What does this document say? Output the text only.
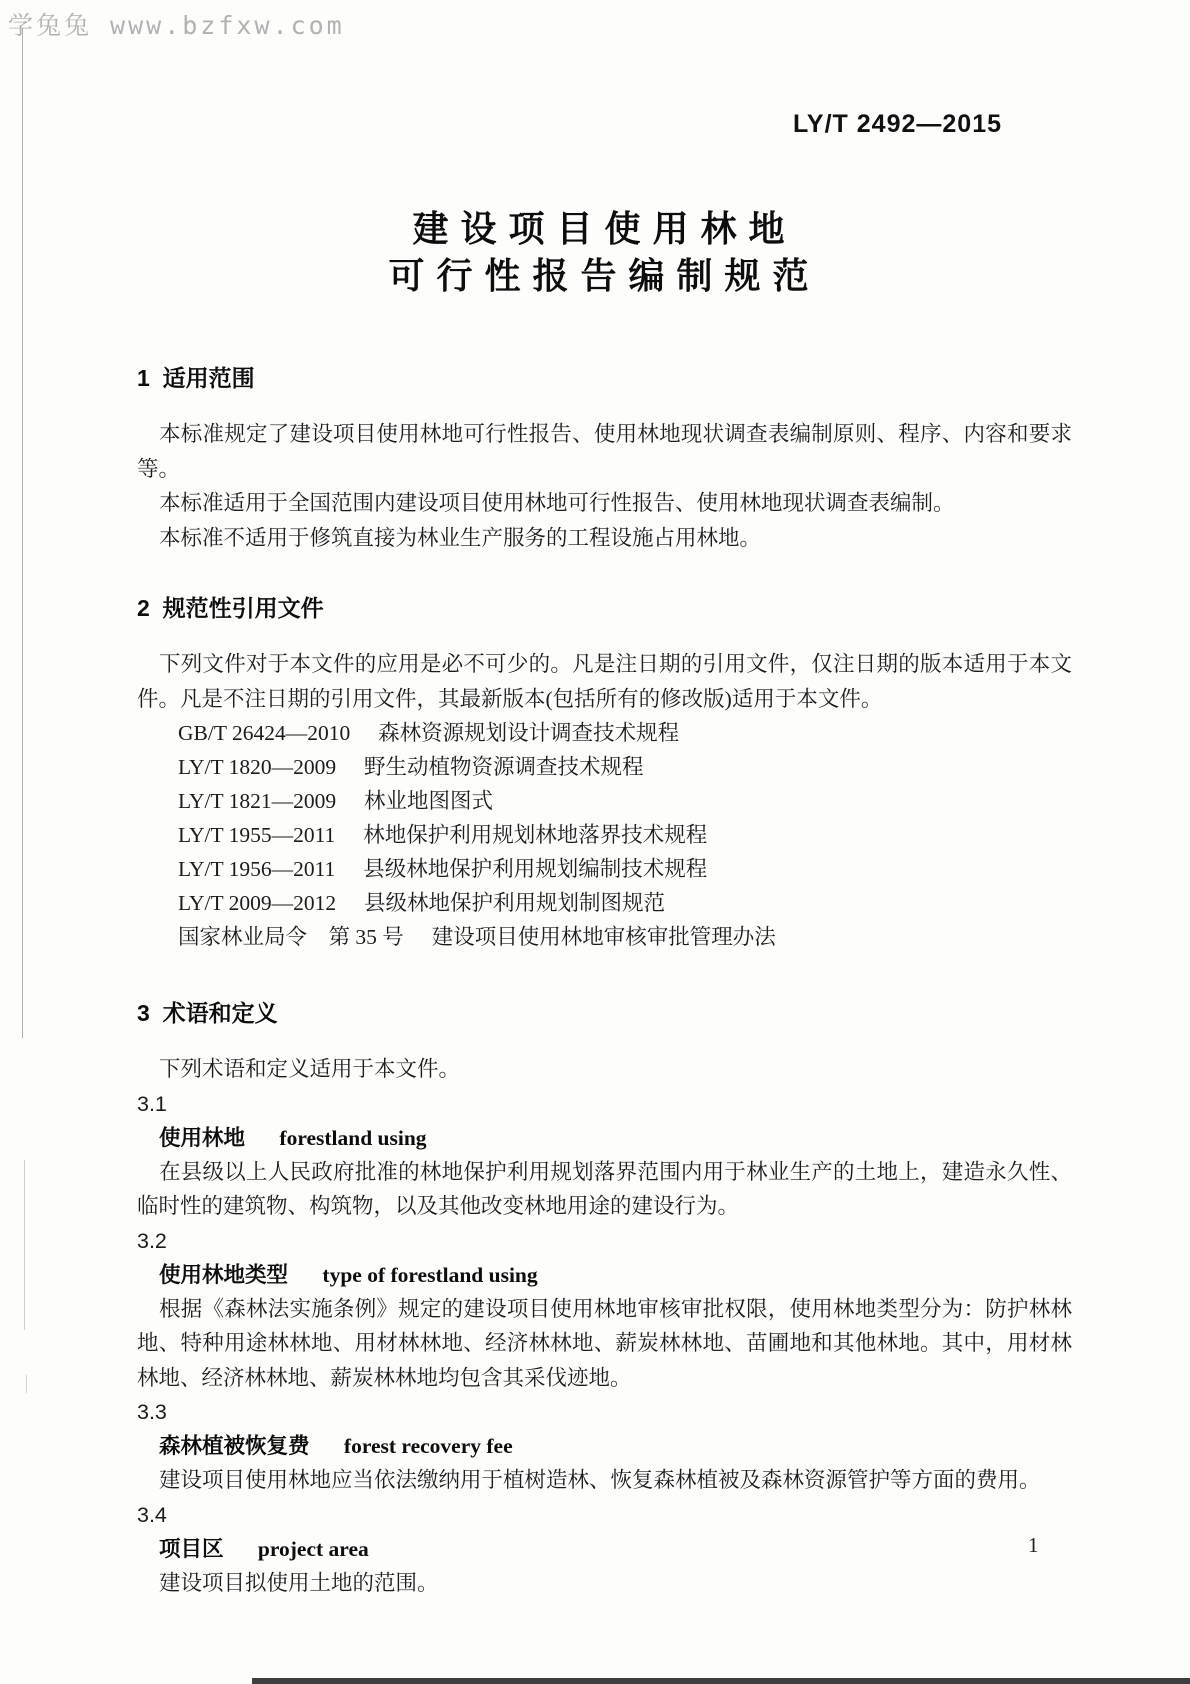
学兔兔 www.bzfxw.com
LY/T 2492—2015
建设项目使用林地
可行性报告编制规范
1  适用范围

本标准规定了建设项目使用林地可行性报告、使用林地现状调查表编制原则、程序、内容和要求等。

本标准适用于全国范围内建设项目使用林地可行性报告、使用林地现状调查表编制。

本标准不适用于修筑直接为林业生产服务的工程设施占用林地。

2  规范性引用文件

下列文件对于本文件的应用是必不可少的。凡是注日期的引用文件，仅注日期的版本适用于本文件。凡是不注日期的引用文件，其最新版本(包括所有的修改版)适用于本文件。

GB/T 26424—2010 森林资源规划设计调查技术规程
LY/T 1820—2009 野生动植物资源调查技术规程
LY/T 1821—2009 林业地图图式
LY/T 1955—2011 林地保护利用规划林地落界技术规程
LY/T 1956—2011 县级林地保护利用规划编制技术规程
LY/T 2009—2012 县级林地保护利用规划制图规范
国家林业局令　第 35 号 建设项目使用林地审核审批管理办法
3  术语和定义

下列术语和定义适用于本文件。

3.1
使用林地 forestland using

在县级以上人民政府批准的林地保护利用规划落界范围内用于林业生产的土地上，建造永久性、临时性的建筑物、构筑物，以及其他改变林地用途的建设行为。

3.2
使用林地类型 type of forestland using

根据《森林法实施条例》规定的建设项目使用林地审核审批权限，使用林地类型分为：防护林林地、特种用途林林地、用材林林地、经济林林地、薪炭林林地、苗圃地和其他林地。其中，用材林林地、经济林林地、薪炭林林地均包含其采伐迹地。

3.3
森林植被恢复费 forest recovery fee

建设项目使用林地应当依法缴纳用于植树造林、恢复森林植被及森林资源管护等方面的费用。

3.4
项目区 project area

建设项目拟使用土地的范围。

1
